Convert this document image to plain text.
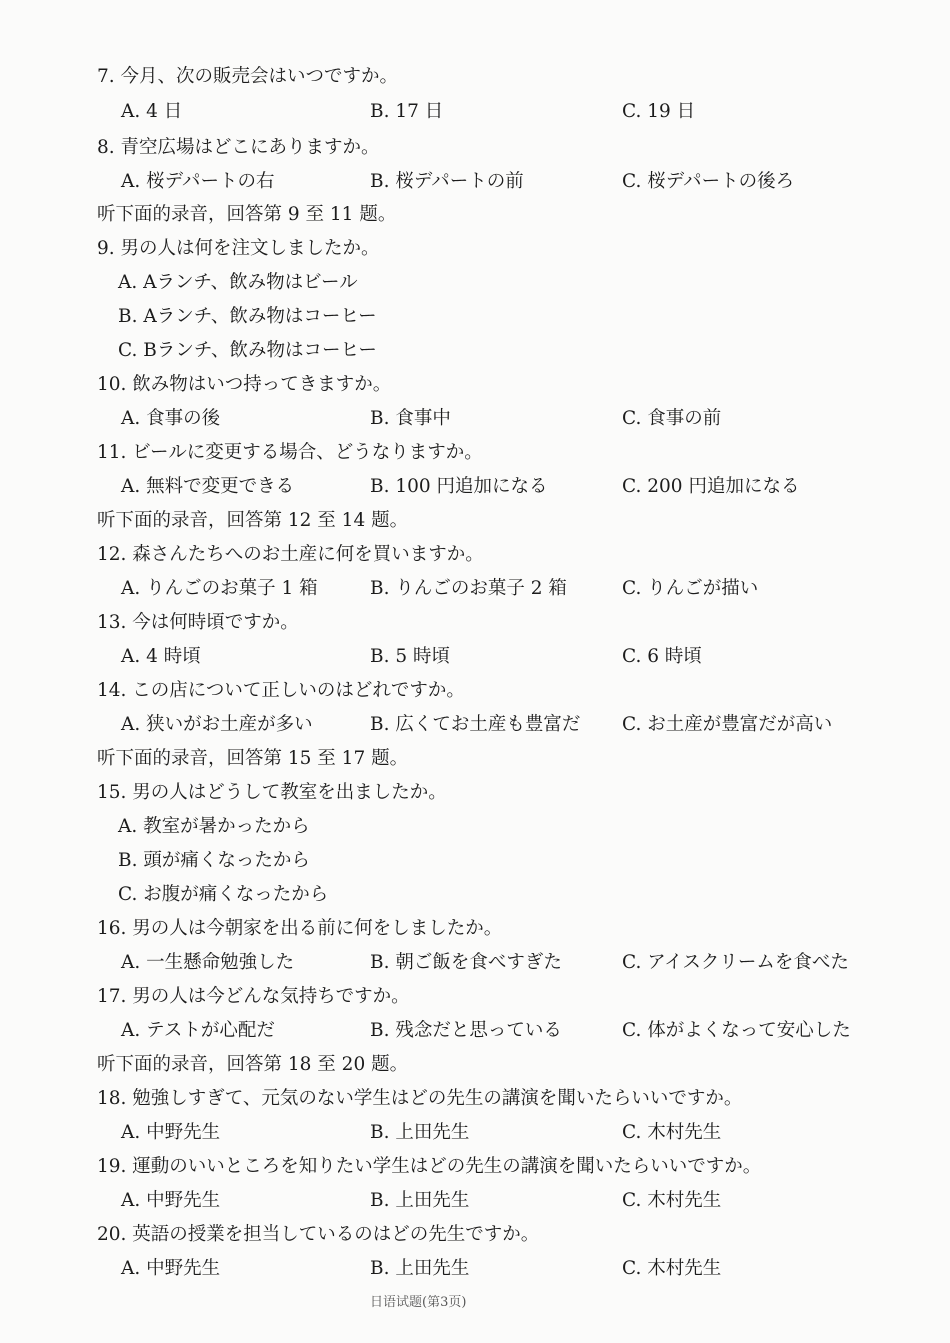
7. 今月、次の販売会はいつですか。
A. 4 日	B. 17 日	C. 19 日
8. 青空広場はどこにありますか。
A. 桜デパートの右	B. 桜デパートの前	C. 桜デパートの後ろ
听下面的录音，回答第 9 至 11 题。
9. 男の人は何を注文しましたか。
A. Aランチ、飲み物はビール
B. Aランチ、飲み物はコーヒー
C. Bランチ、飲み物はコーヒー
10. 飲み物はいつ持ってきますか。
A. 食事の後	B. 食事中	C. 食事の前
11. ビールに変更する場合、どうなりますか。
A. 無料で変更できる	B. 100 円追加になる	C. 200 円追加になる
听下面的录音，回答第 12 至 14 题。
12. 森さんたちへのお土産に何を買いますか。
A. りんごのお菓子 1 箱	B. りんごのお菓子 2 箱	C. りんごが描い
13. 今は何時頃ですか。
A. 4 時頃	B. 5 時頃	C. 6 時頃
14. この店について正しいのはどれですか。
A. 狭いがお土産が多い	B. 広くてお土産も豊富だ C. お土産が豊富だが高い
听下面的录音，回答第 15 至 17 题。
15. 男の人はどうして教室を出ましたか。
A. 教室が暑かったから
B. 頭が痛くなったから
C. お腹が痛くなったから
16. 男の人は今朝家を出る前に何をしましたか。
A. 一生懸命勉強した	B. 朝ご飯を食べすぎた	C. アイスクリームを食べた
17. 男の人は今どんな気持ちですか。
A. テストが心配だ	B. 残念だと思っている	C. 体がよくなって安心した
听下面的录音，回答第 18 至 20 题。
18. 勉強しすぎて、元気のない学生はどの先生の講演を聞いたらいいですか。
A. 中野先生	B. 上田先生	C. 木村先生
19. 運動のいいところを知りたい学生はどの先生の講演を聞いたらいいですか。
A. 中野先生	B. 上田先生	C. 木村先生
20. 英語の授業を担当しているのはどの先生ですか。
A. 中野先生	B. 上田先生	C. 木村先生
日语试题(第3页)
